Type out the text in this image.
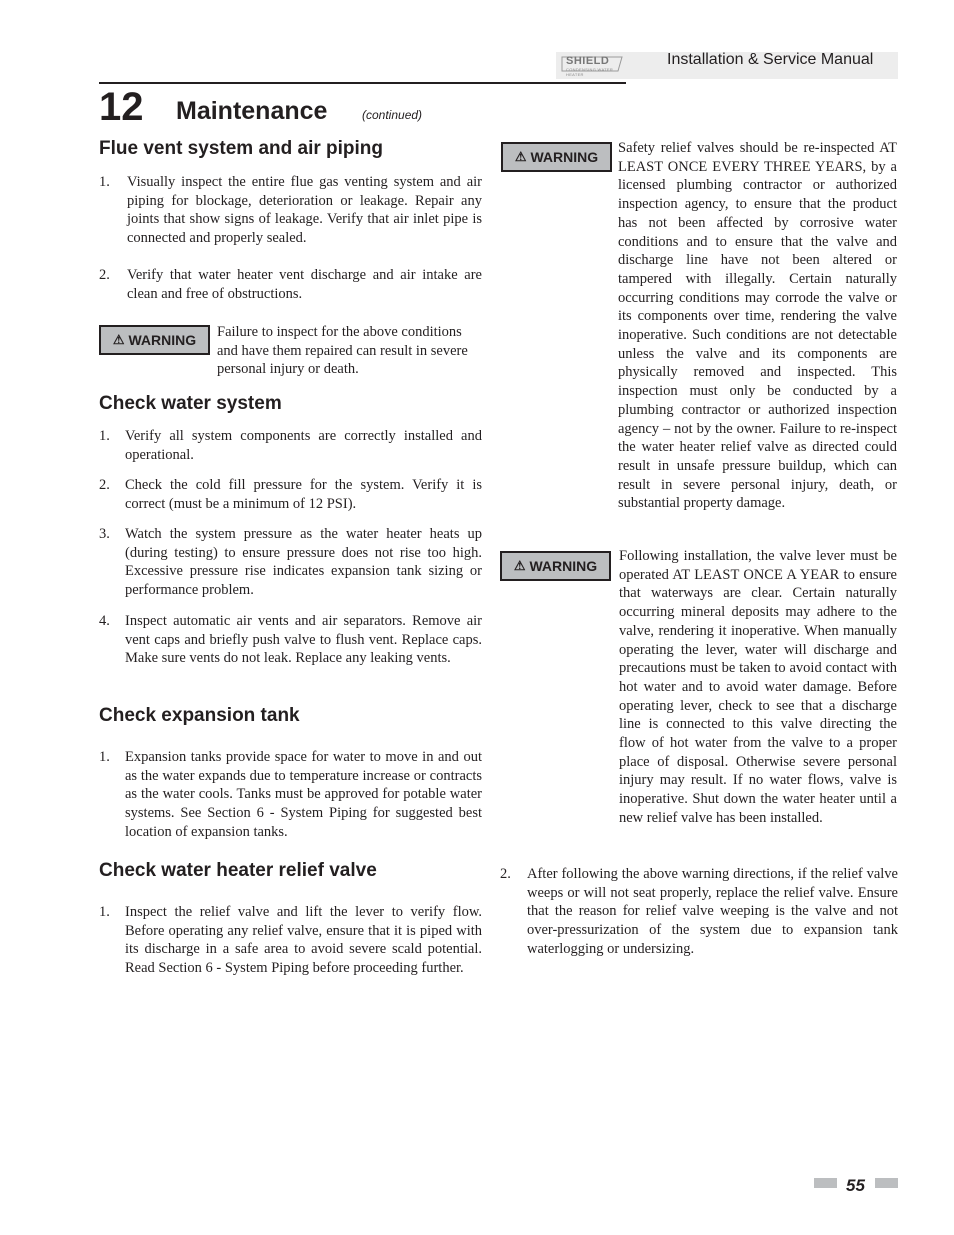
SHIELD
CONDENSING WATER HEATER
Installation & Service Manual
12 Maintenance	(continued)
Flue vent system and air piping
1. Visually inspect the entire flue gas venting system and air piping for blockage, deterioration or leakage. Repair any joints that show signs of leakage. Verify that air inlet pipe is connected and properly sealed.
2. Verify that water heater vent discharge and air intake are clean and free of obstructions.
⚠ WARNING Failure to inspect for the above conditions and have them repaired can result in severe personal injury or death.
Check water system
1. Verify all system components are correctly installed and operational.
2. Check the cold fill pressure for the system. Verify it is correct (must be a minimum of 12 PSI).
3. Watch the system pressure as the water heater heats up (during testing) to ensure pressure does not rise too high. Excessive pressure rise indicates expansion tank sizing or performance problem.
4. Inspect automatic air vents and air separators. Remove air vent caps and briefly push valve to flush vent. Replace caps. Make sure vents do not leak. Replace any leaking vents.
Check expansion tank
1. Expansion tanks provide space for water to move in and out as the water expands due to temperature increase or contracts as the water cools. Tanks must be approved for potable water systems. See Section 6 - System Piping for suggested best location of expansion tanks.
Check water heater relief valve
1. Inspect the relief valve and lift the lever to verify flow. Before operating any relief valve, ensure that it is piped with its discharge in a safe area to avoid severe scald potential. Read Section 6 - System Piping before proceeding further.
⚠ WARNING
Safety relief valves should be re-inspected AT LEAST ONCE EVERY THREE YEARS, by a licensed plumbing contractor or authorized inspection agency, to ensure that the product has not been affected by corrosive water conditions and to ensure that the valve and discharge line have not been altered or tampered with illegally. Certain naturally occurring conditions may corrode the valve or its components over time, rendering the valve inoperative. Such conditions are not detectable unless the valve and its components are physically removed and inspected. This inspection must only be conducted by a plumbing contractor or authorized inspection agency – not by the owner. Failure to re-inspect the water heater relief valve as directed could result in unsafe pressure buildup, which can result in severe personal injury, death, or substantial property damage.
⚠ WARNING
Following installation, the valve lever must be operated AT LEAST ONCE A YEAR to ensure that waterways are clear. Certain naturally occurring mineral deposits may adhere to the valve, rendering it inoperative. When manually operating the lever, water will discharge and precautions must be taken to avoid contact with hot water and to avoid water damage. Before operating lever, check to see that a discharge line is connected to this valve directing the flow of hot water from the valve to a proper place of disposal. Otherwise severe personal injury may result. If no water flows, valve is inoperative. Shut down the water heater until a new relief valve has been installed.
2. After following the above warning directions, if the relief valve weeps or will not seat properly, replace the relief valve. Ensure that the reason for relief valve weeping is the valve and not over-pressurization of the system due to expansion tank waterlogging or undersizing.
55
